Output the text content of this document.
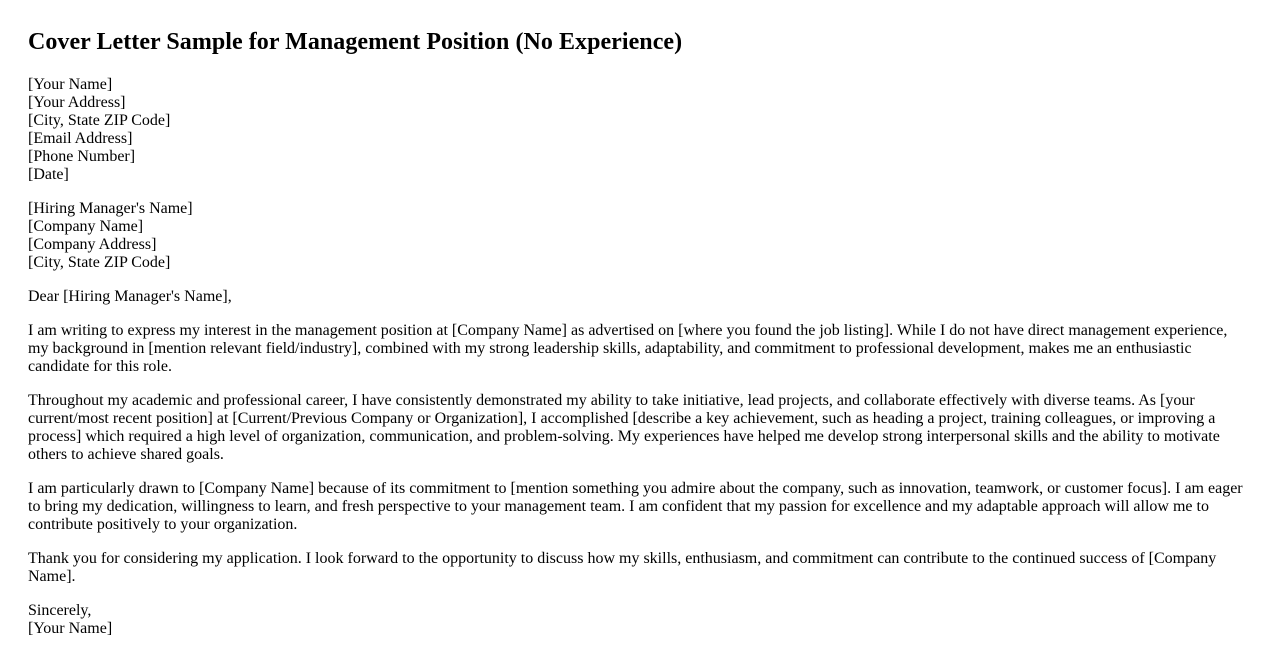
Cover Letter Sample for Management Position (No Experience)
[Your Name]
[Your Address]
[City, State ZIP Code]
[Email Address]
[Phone Number]
[Date]
[Hiring Manager's Name]
[Company Name]
[Company Address]
[City, State ZIP Code]

Dear [Hiring Manager's Name],

I am writing to express my interest in the management position at [Company Name] as advertised on [where you found the job listing]. While I do not have direct management experience, my background in [mention relevant field/industry], combined with my strong leadership skills, adaptability, and commitment to professional development, makes me an enthusiastic candidate for this role.

Throughout my academic and professional career, I have consistently demonstrated my ability to take initiative, lead projects, and collaborate effectively with diverse teams. As [your current/most recent position] at [Current/Previous Company or Organization], I accomplished [describe a key achievement, such as heading a project, training colleagues, or improving a process] which required a high level of organization, communication, and problem-solving. My experiences have helped me develop strong interpersonal skills and the ability to motivate others to achieve shared goals.

I am particularly drawn to [Company Name] because of its commitment to [mention something you admire about the company, such as innovation, teamwork, or customer focus]. I am eager to bring my dedication, willingness to learn, and fresh perspective to your management team. I am confident that my passion for excellence and my adaptable approach will allow me to contribute positively to your organization.

Thank you for considering my application. I look forward to the opportunity to discuss how my skills, enthusiasm, and commitment can contribute to the continued success of [Company Name].

Sincerely,
[Your Name]
